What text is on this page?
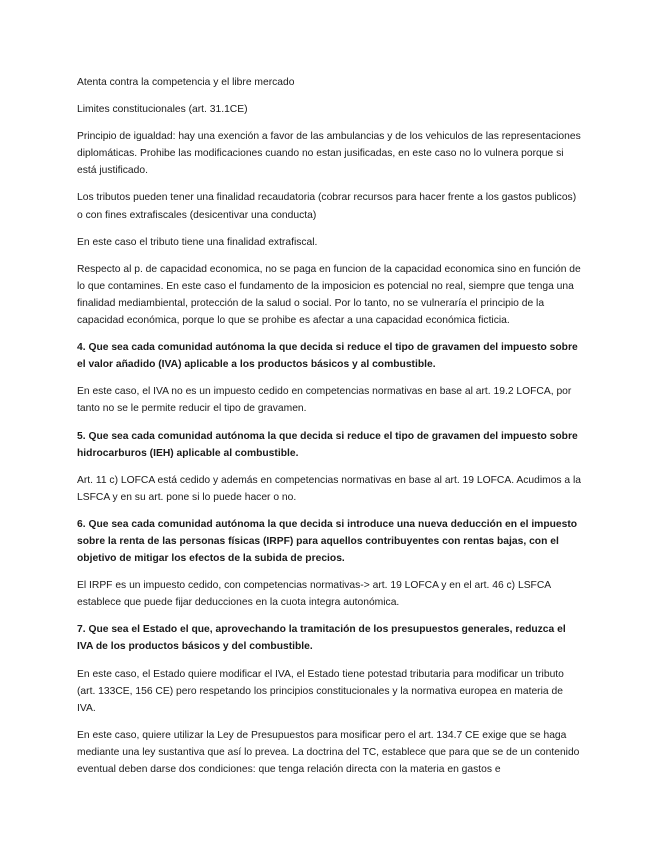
Atenta contra la competencia y el libre mercado

Limites constitucionales (art. 31.1CE)

Principio de igualdad: hay una exención a favor de las ambulancias y de los vehiculos de las representaciones diplomáticas. Prohibe las modificaciones cuando no estan jusificadas, en este caso no lo vulnera porque si está justificado.

Los tributos pueden tener una finalidad recaudatoria (cobrar recursos para hacer frente a los gastos publicos) o con fines extrafiscales (desicentivar una conducta)

En este caso el tributo tiene una finalidad extrafiscal.

Respecto al p. de capacidad economica, no se paga en funcion de la capacidad economica sino en función de lo que contamines. En este caso el fundamento de la imposicion es potencial no real, siempre que tenga una finalidad mediambiental, protección de la salud o social. Por lo tanto, no se vulneraría el principio de la capacidad económica, porque lo que se prohibe es afectar a una capacidad económica ficticia.

4. Que sea cada comunidad autónoma la que decida si reduce el tipo de gravamen del impuesto sobre el valor añadido (IVA) aplicable a los productos básicos y al combustible.

En este caso, el IVA no es un impuesto cedido en competencias normativas en base al art. 19.2 LOFCA, por tanto no se le permite reducir el tipo de gravamen.

5. Que sea cada comunidad autónoma la que decida si reduce el tipo de gravamen del impuesto sobre hidrocarburos (IEH) aplicable al combustible.

Art. 11 c) LOFCA está cedido y además en competencias normativas en base al art. 19 LOFCA. Acudimos a la LSFCA y en su art. pone si lo puede hacer o no.

6. Que sea cada comunidad autónoma la que decida si introduce una nueva deducción en el impuesto sobre la renta de las personas físicas (IRPF) para aquellos contribuyentes con rentas bajas, con el objetivo de mitigar los efectos de la subida de precios.

El IRPF es un impuesto cedido, con competencias normativas-> art. 19 LOFCA y en el art. 46 c) LSFCA establece que puede fijar deducciones en la cuota integra autonómica.

7. Que sea el Estado el que, aprovechando la tramitación de los presupuestos generales, reduzca el IVA de los productos básicos y del combustible.

En este caso, el Estado quiere modificar el IVA, el Estado tiene potestad tributaria para modificar un tributo (art. 133CE, 156 CE) pero respetando los principios constitucionales y la normativa europea en materia de IVA.

En este caso, quiere utilizar la Ley de Presupuestos para mosificar pero el art. 134.7 CE exige que se haga mediante una ley sustantiva que así lo prevea. La doctrina del TC, establece que para que se de un contenido eventual deben darse dos condiciones: que tenga relación directa con la materia en gastos e
